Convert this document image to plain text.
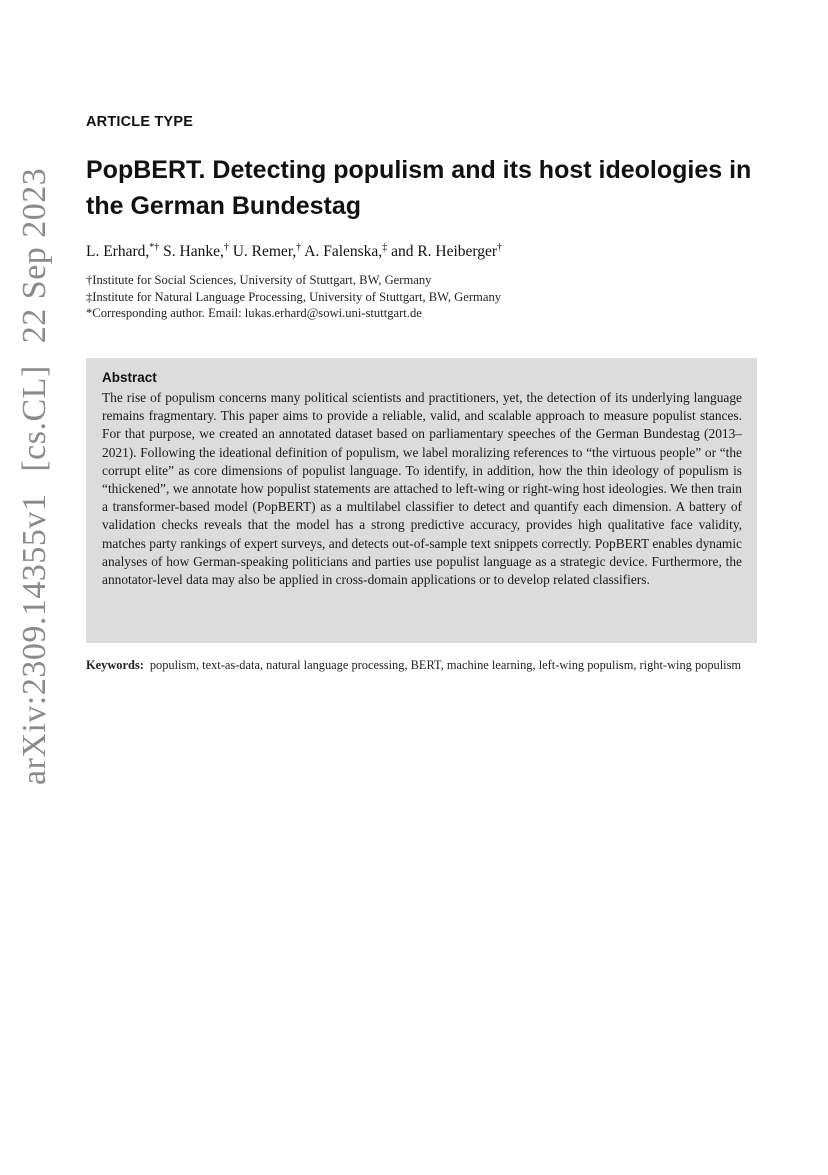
arXiv:2309.14355v1[cs.CL]22 Sep 2023
ARTICLE TYPE
PopBERT. Detecting populism and its host ideologies in the German Bundestag
L. Erhard,*† S. Hanke,† U. Remer,† A. Falenska,‡ and R. Heiberger†
†Institute for Social Sciences, University of Stuttgart, BW, Germany
‡Institute for Natural Language Processing, University of Stuttgart, BW, Germany
*Corresponding author. Email: lukas.erhard@sowi.uni-stuttgart.de
Abstract
The rise of populism concerns many political scientists and practitioners, yet, the detection of its underlying language remains fragmentary. This paper aims to provide a reliable, valid, and scalable approach to measure populist stances. For that purpose, we created an annotated dataset based on parliamentary speeches of the German Bundestag (2013–2021). Following the ideational definition of populism, we label moralizing references to “the virtuous people” or “the corrupt elite” as core dimensions of populist language. To identify, in addition, how the thin ideology of populism is “thickened”, we annotate how populist statements are attached to left-wing or right-wing host ideologies. We then train a transformer-based model (PopBERT) as a multilabel classifier to detect and quantify each dimension. A battery of validation checks reveals that the model has a strong predictive accuracy, provides high qualitative face validity, matches party rankings of expert surveys, and detects out-of-sample text snippets correctly. PopBERT enables dynamic analyses of how German-speaking politicians and parties use populist language as a strategic device. Furthermore, the annotator-level data may also be applied in cross-domain applications or to develop related classifiers.
Keywords: populism, text-as-data, natural language processing, BERT, machine learning, left-wing populism, right-wing populism
